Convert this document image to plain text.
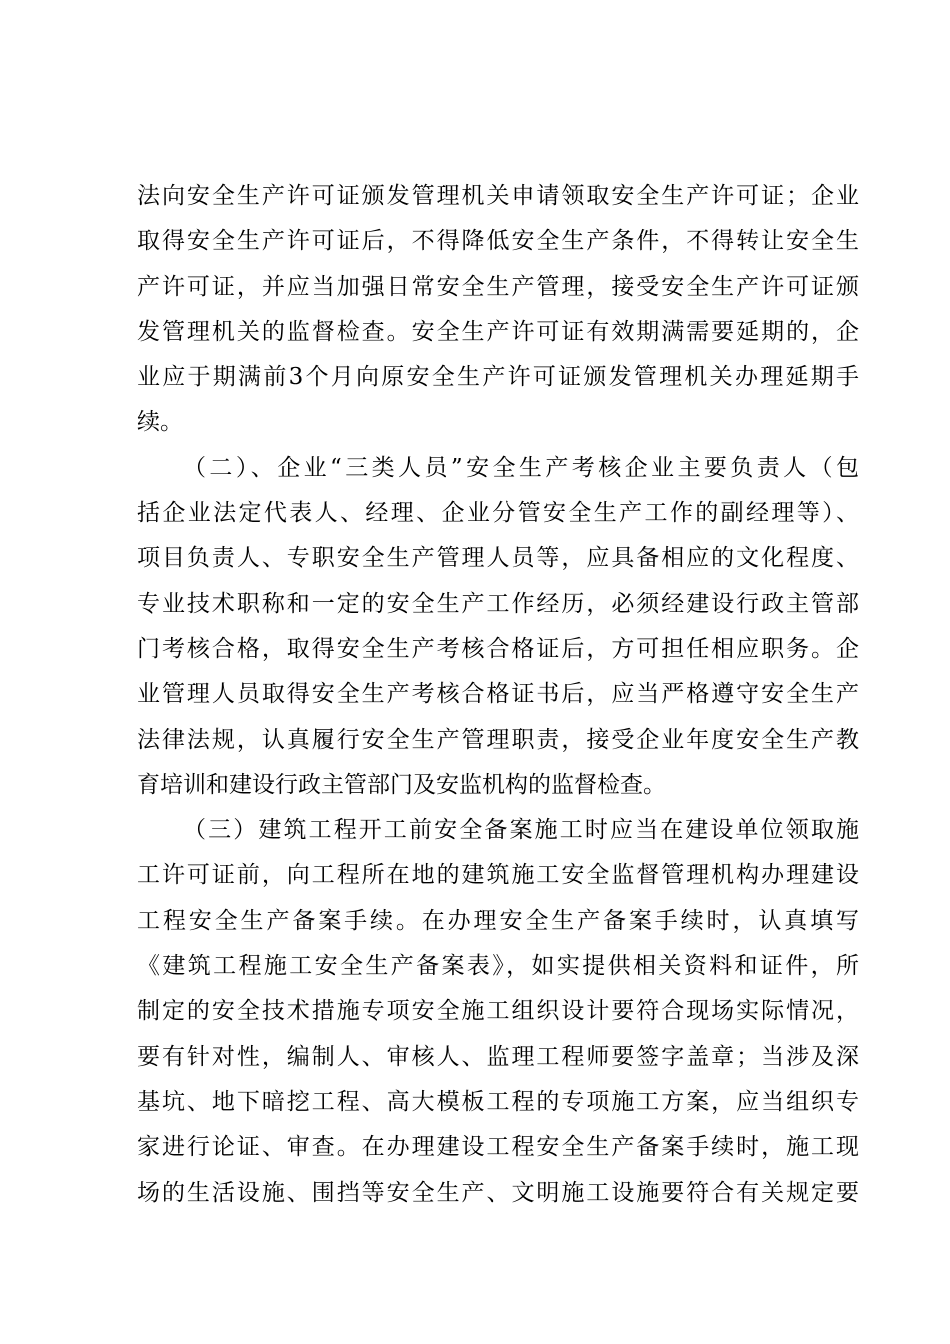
法向安全生产许可证颁发管理机关申请领取安全生产许可证；企业
取得安全生产许可证后，不得降低安全生产条件，不得转让安全生
产许可证，并应当加强日常安全生产管理，接受安全生产许可证颁
发管理机关的监督检查。安全生产许可证有效期满需要延期的，企
业应于期满前3个月向原安全生产许可证颁发管理机关办理延期手
续。
（二）、企业“三类人员”安全生产考核企业主要负责人（包
括企业法定代表人、经理、企业分管安全生产工作的副经理等）、
项目负责人、专职安全生产管理人员等，应具备相应的文化程度、
专业技术职称和一定的安全生产工作经历，必须经建设行政主管部
门考核合格，取得安全生产考核合格证后，方可担任相应职务。企
业管理人员取得安全生产考核合格证书后，应当严格遵守安全生产
法律法规，认真履行安全生产管理职责，接受企业年度安全生产教
育培训和建设行政主管部门及安监机构的监督检查。
（三）建筑工程开工前安全备案施工时应当在建设单位领取施
工许可证前，向工程所在地的建筑施工安全监督管理机构办理建设
工程安全生产备案手续。在办理安全生产备案手续时，认真填写
《建筑工程施工安全生产备案表》，如实提供相关资料和证件，所
制定的安全技术措施专项安全施工组织设计要符合现场实际情况，
要有针对性，编制人、审核人、监理工程师要签字盖章；当涉及深
基坑、地下暗挖工程、高大模板工程的专项施工方案，应当组织专
家进行论证、审查。在办理建设工程安全生产备案手续时，施工现
场的生活设施、围挡等安全生产、文明施工设施要符合有关规定要
